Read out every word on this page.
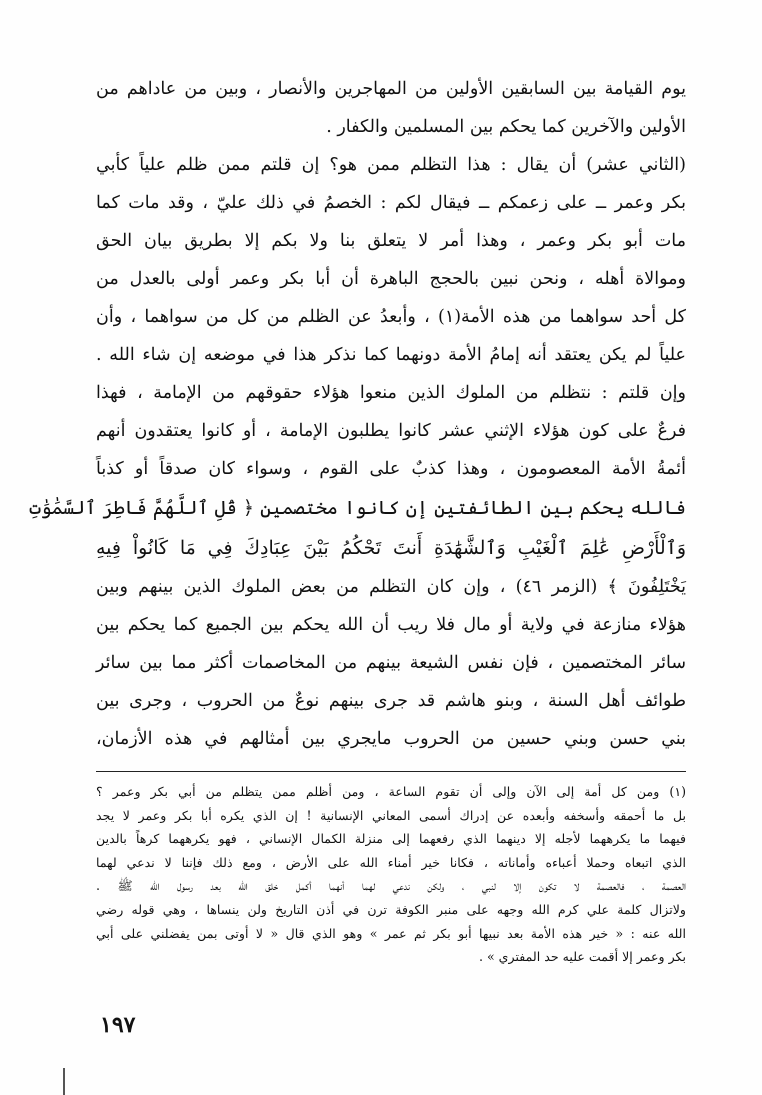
يوم القيامة بين السابقين الأولين من المهاجرين والأنصار ، وبين من عاداهم من
الأولين والآخرين كما يحكم بين المسلمين والكفار .
(الثاني عشر) أن يقال : هذا التظلم ممن هو؟ إن قلتم ممن ظلم علياً كأبي
بكر وعمر ــ على زعمكم ــ فيقال لكم : الخصمُ في ذلك عليّ ، وقد مات كما
مات أبو بكر وعمر ، وهذا أمر لا يتعلق بنا ولا بكم إلا بطريق بيان الحق
وموالاة أهله ، ونحن نبين بالحجج الباهرة أن أبا بكر وعمر أولى بالعدل من
كل أحد سواهما من هذه الأمة(١) ، وأبعدُ عن الظلم من كل من سواهما ، وأن
علياً لم يكن يعتقد أنه إمامُ الأمة دونهما كما نذكر هذا في موضعه إن شاء الله .
وإن قلتم : نتظلم من الملوك الذين منعوا هؤلاء حقوقهم من الإمامة ، فهذا
فرعٌ على كون هؤلاء الإثني عشر كانوا يطلبون الإمامة ، أو كانوا يعتقدون أنهم
أئمةُ الأمة المعصومون ، وهذا كذبٌ على القوم ، وسواء كان صدقاً أو كذباً
فالله يحكم بين الطائفتين إن كانوا مختصمين ﴿ قُلِ ٱللَّهُمَّ فَاطِرَ ٱلسَّمَٰوَٰتِ
وَٱلْأَرْضِ عَٰلِمَ ٱلْغَيْبِ وَٱلشَّهَٰدَةِ أَنتَ تَحْكُمُ بَيْنَ عِبَادِكَ فِي مَا كَانُواْ فِيهِ
يَخْتَلِفُونَ ﴾ (الزمر ٤٦) ، وإن كان التظلم من بعض الملوك الذين بينهم وبين
هؤلاء منازعة في ولاية أو مال فلا ريب أن الله يحكم بين الجميع كما يحكم بين
سائر المختصمين ، فإن نفس الشيعة بينهم من المخاصمات أكثر مما بين سائر
طوائف أهل السنة ، وبنو هاشم قد جرى بينهم نوعٌ من الحروب ، وجرى بين
بني حسن وبني حسين من الحروب مايجري بين أمثالهم في هذه الأزمان،
(١) ومن كل أمة إلى الآن وإلى أن تقوم الساعة ، ومن أظلم ممن يتظلم من أبي بكر وعمر ؟
بل ما أحمقه وأسخفه وأبعده عن إدراك أسمى المعاني الإنسانية ! إن الذي يكره أبا بكر وعمر لا يجد
فيهما ما يكرههما لأجله إلا دينهما الذي رفعهما إلى منزلة الكمال الإنساني ، فهو يكرههما كرهاً بالدين
الذي اتبعاه وحملا أعباءه وأماناته ، فكانا خير أمناء الله على الأرض ، ومع ذلك فإننا لا ندعي لهما
العصمة ، فالعصمة لا تكون إلا لنبي ، ولكن ندعي لهما أنهما أكمل خلق الله بعد رسول الله ﷺ .
ولاتزال كلمة علي كرم الله وجهه على منبر الكوفة ترن في أذن التاريخ ولن ينساها ، وهي قوله رضي
الله عنه : « خير هذه الأمة بعد نبيها أبو بكر ثم عمر » وهو الذي قال « لا أوتى بمن يفضلني على أبي
بكر وعمر إلا أقمت عليه حد المفتري » .
١٩٧
